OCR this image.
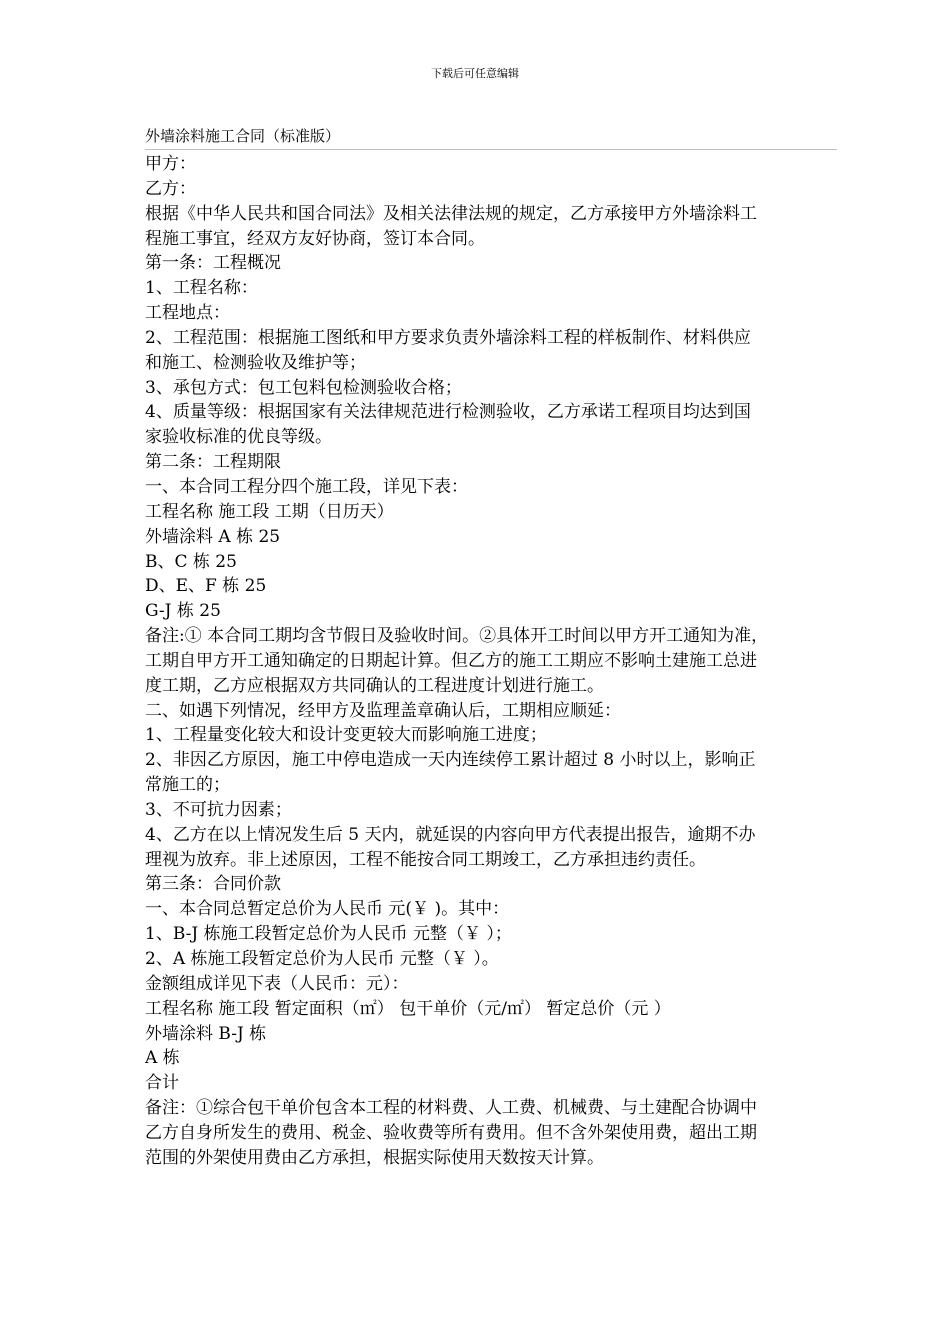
下载后可任意编辑
外墙涂料施工合同（标准版）
甲方：
乙方：
根据《中华人民共和国合同法》及相关法律法规的规定，乙方承接甲方外墙涂料工
程施工事宜，经双方友好协商，签订本合同。
第一条：工程概况
1、工程名称：
工程地点：
2、工程范围：根据施工图纸和甲方要求负责外墙涂料工程的样板制作、材料供应
和施工、检测验收及维护等；
3、承包方式：包工包料包检测验收合格；
4、质量等级：根据国家有关法律规范进行检测验收，乙方承诺工程项目均达到国
家验收标准的优良等级。
第二条：工程期限
一、本合同工程分四个施工段，详见下表：
工程名称 施工段 工期（日历天）
外墙涂料 A 栋 25
B、C 栋 25
D、E、F 栋 25
G-J 栋 25
备注:① 本合同工期均含节假日及验收时间。②具体开工时间以甲方开工通知为准，
工期自甲方开工通知确定的日期起计算。但乙方的施工工期应不影响土建施工总进
度工期，乙方应根据双方共同确认的工程进度计划进行施工。
二、如遇下列情况，经甲方及监理盖章确认后，工期相应顺延：
1、工程量变化较大和设计变更较大而影响施工进度；
2、非因乙方原因，施工中停电造成一天内连续停工累计超过 8 小时以上，影响正
常施工的；
3、不可抗力因素；
4、乙方在以上情况发生后 5 天内，就延误的内容向甲方代表提出报告，逾期不办
理视为放弃。非上述原因，工程不能按合同工期竣工，乙方承担违约责任。
第三条：合同价款
一、本合同总暂定总价为人民币 元(￥ )。其中：
1、B-J 栋施工段暂定总价为人民币 元整（￥ ）；
2、A 栋施工段暂定总价为人民币 元整（￥ ）。
金额组成详见下表（人民币：元）：
工程名称 施工段 暂定面积（㎡） 包干单价（元/㎡） 暂定总价（元 ）
外墙涂料 B-J 栋
A 栋
合计
备注：①综合包干单价包含本工程的材料费、人工费、机械费、与土建配合协调中
乙方自身所发生的费用、税金、验收费等所有费用。但不含外架使用费，超出工期
范围的外架使用费由乙方承担，根据实际使用天数按天计算。
